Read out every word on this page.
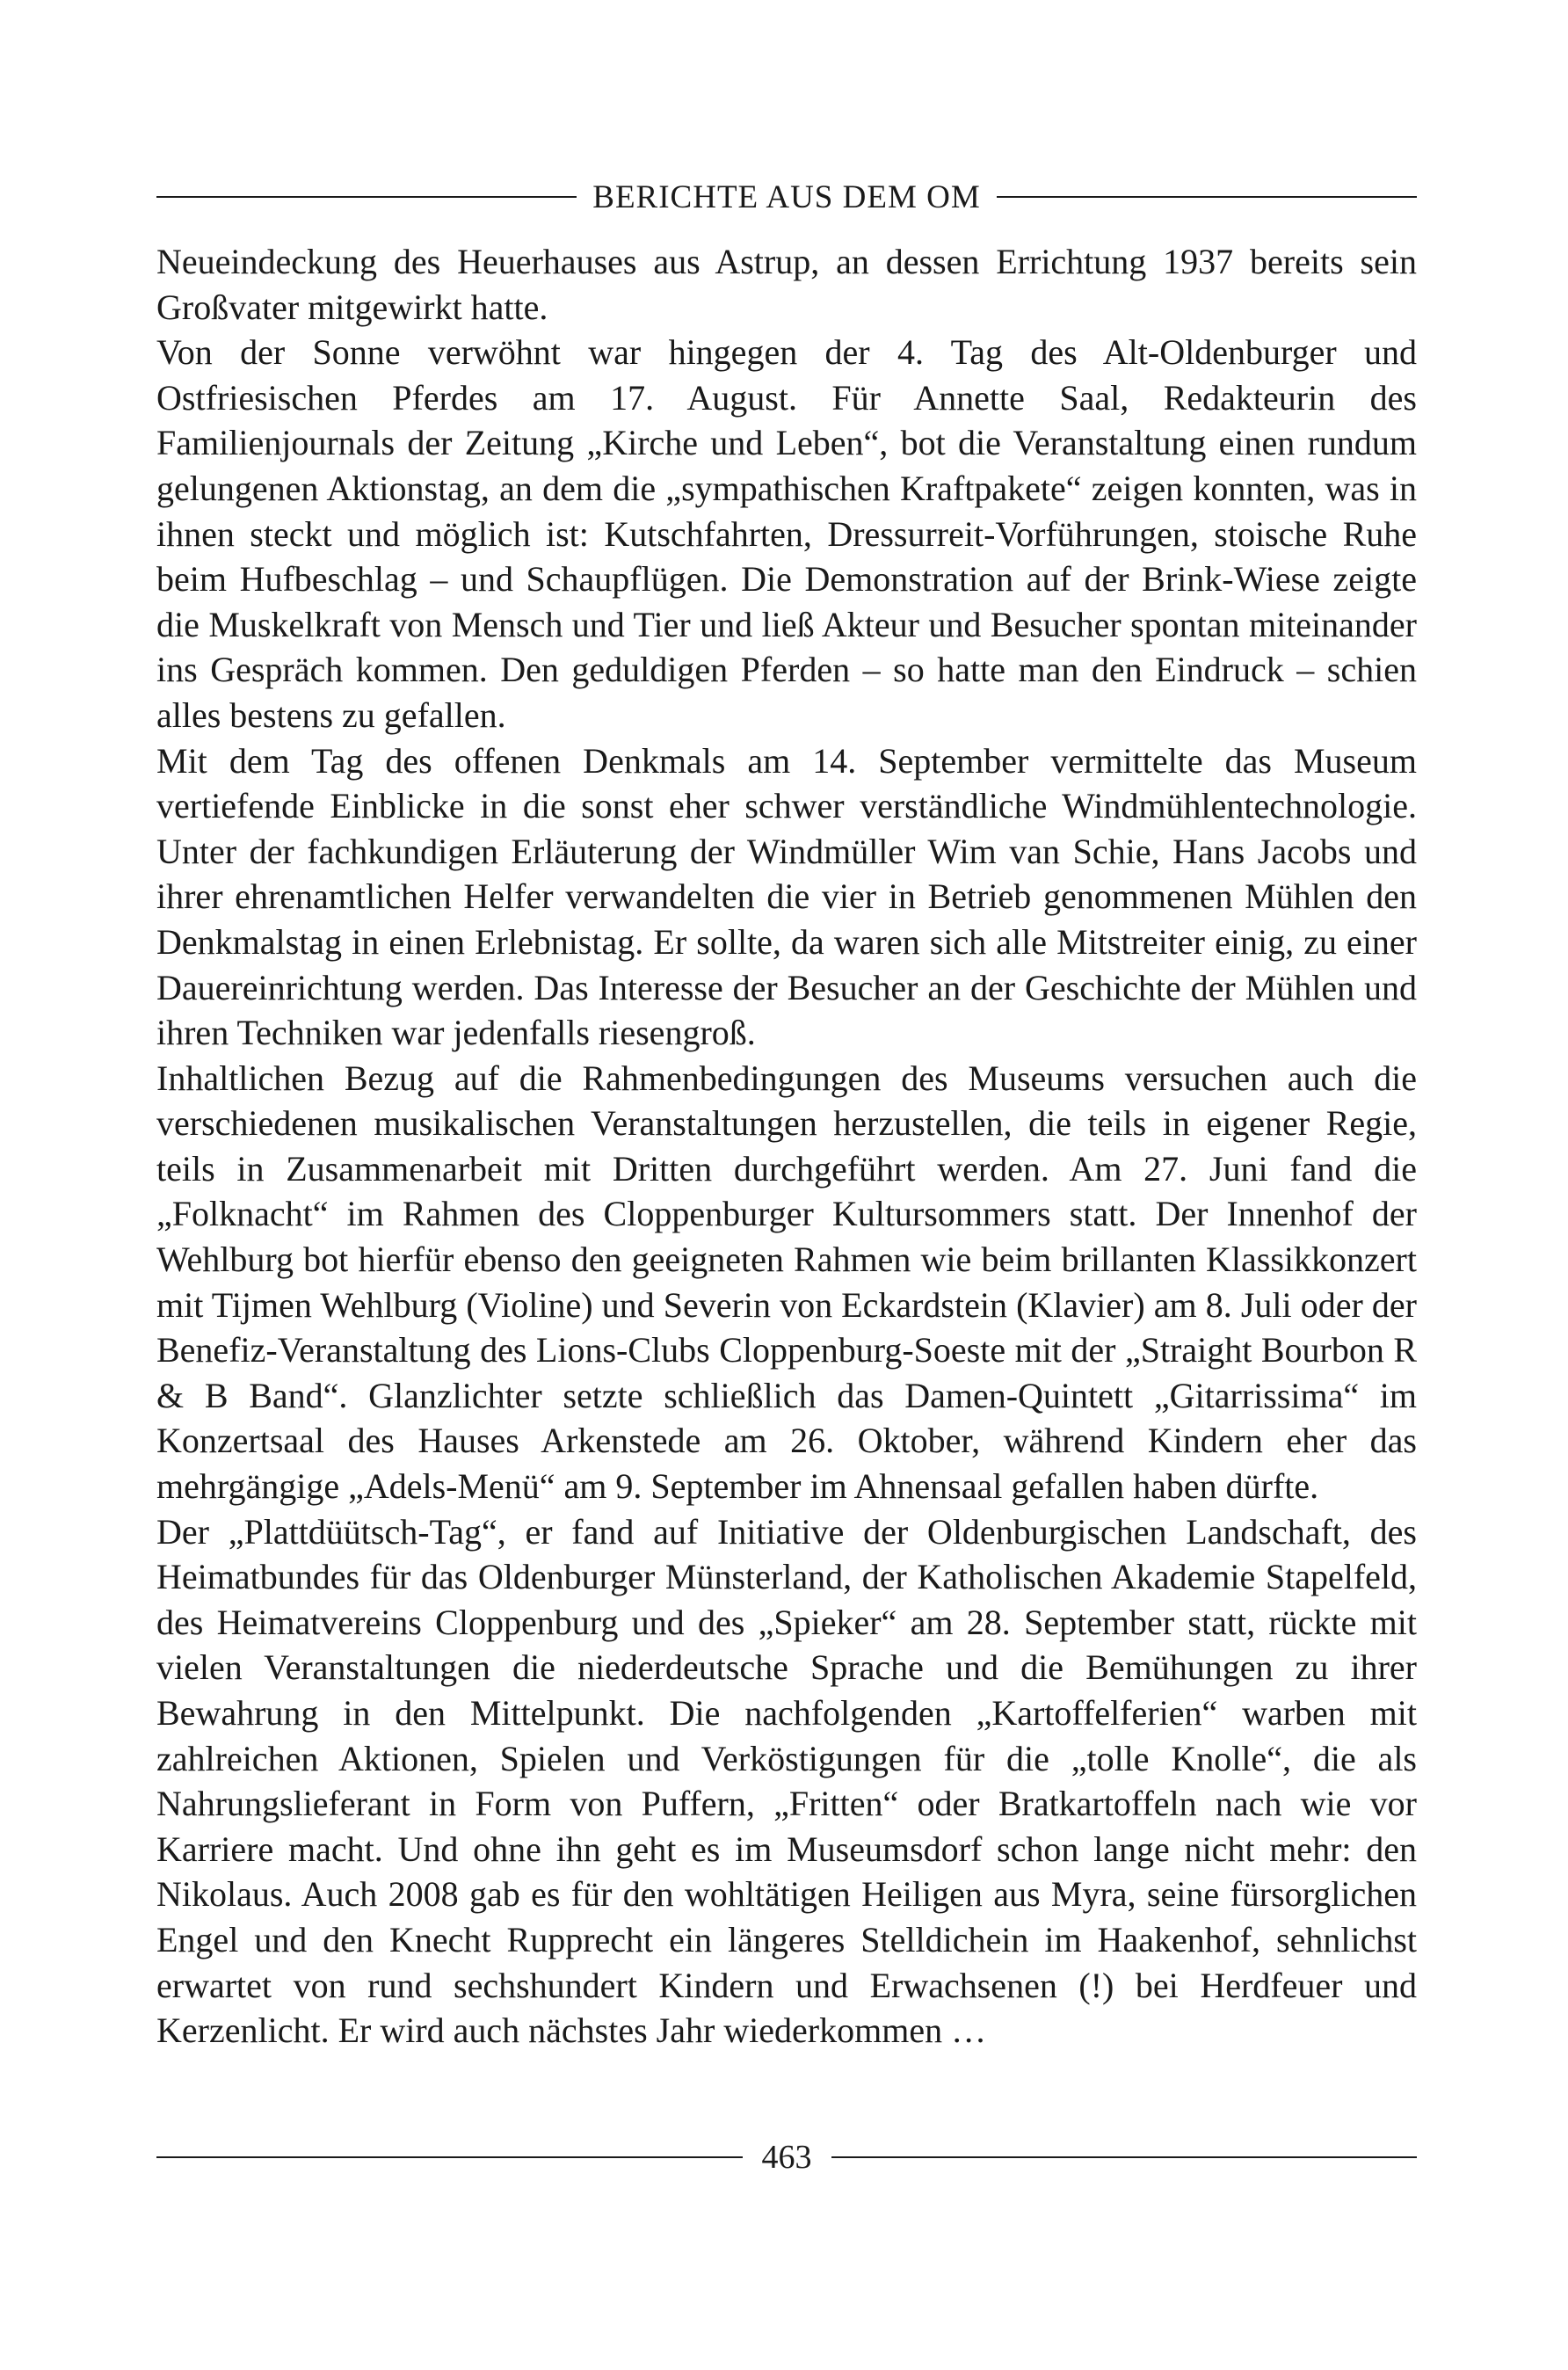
BERICHTE AUS DEM OM

Neueindeckung des Heuerhauses aus Astrup, an dessen Errichtung 1937 bereits sein Großvater mitgewirkt hatte.

Von der Sonne verwöhnt war hingegen der 4. Tag des Alt-Oldenburger und Ostfriesischen Pferdes am 17. August. Für Annette Saal, Redakteurin des Familienjournals der Zeitung „Kirche und Leben“, bot die Veranstaltung einen rundum gelungenen Aktionstag, an dem die „sympathischen Kraftpakete“ zeigen konnten, was in ihnen steckt und möglich ist: Kutschfahrten, Dressurreit-Vorführungen, stoische Ruhe beim Hufbeschlag – und Schaupflügen. Die Demonstration auf der Brink-Wiese zeigte die Muskelkraft von Mensch und Tier und ließ Akteur und Besucher spontan miteinander ins Gespräch kommen. Den geduldigen Pferden – so hatte man den Eindruck – schien alles bestens zu gefallen.

Mit dem Tag des offenen Denkmals am 14. September vermittelte das Museum vertiefende Einblicke in die sonst eher schwer verständliche Windmühlentechnologie. Unter der fachkundigen Erläuterung der Windmüller Wim van Schie, Hans Jacobs und ihrer ehrenamtlichen Helfer verwandelten die vier in Betrieb genommenen Mühlen den Denkmalstag in einen Erlebnistag. Er sollte, da waren sich alle Mitstreiter einig, zu einer Dauereinrichtung werden. Das Interesse der Besucher an der Geschichte der Mühlen und ihren Techniken war jedenfalls riesengroß.

Inhaltlichen Bezug auf die Rahmenbedingungen des Museums versuchen auch die verschiedenen musikalischen Veranstaltungen herzustellen, die teils in eigener Regie, teils in Zusammenarbeit mit Dritten durchgeführt werden. Am 27. Juni fand die „Folknacht“ im Rahmen des Cloppenburger Kultursommers statt. Der Innenhof der Wehlburg bot hierfür ebenso den geeigneten Rahmen wie beim brillanten Klassikkonzert mit Tijmen Wehlburg (Violine) und Severin von Eckardstein (Klavier) am 8. Juli oder der Benefiz-Veranstaltung des Lions-Clubs Cloppenburg-Soeste mit der „Straight Bourbon R & B Band“. Glanzlichter setzte schließlich das Damen-Quintett „Gitarrissima“ im Konzertsaal des Hauses Arkenstede am 26. Oktober, während Kindern eher das mehrgängige „Adels-Menü“ am 9. September im Ahnensaal gefallen haben dürfte.

Der „Plattdüütsch-Tag“, er fand auf Initiative der Oldenburgischen Landschaft, des Heimatbundes für das Oldenburger Münsterland, der Katholischen Akademie Stapelfeld, des Heimatvereins Cloppenburg und des „Spieker“ am 28. September statt, rückte mit vielen Veranstaltungen die niederdeutsche Sprache und die Bemühungen zu ihrer Bewahrung in den Mittelpunkt. Die nachfolgenden „Kartoffelferien“ warben mit zahlreichen Aktionen, Spielen und Verköstigungen für die „tolle Knolle“, die als Nahrungslieferant in Form von Puffern, „Fritten“ oder Bratkartoffeln nach wie vor Karriere macht. Und ohne ihn geht es im Museumsdorf schon lange nicht mehr: den Nikolaus. Auch 2008 gab es für den wohltätigen Heiligen aus Myra, seine fürsorglichen Engel und den Knecht Rupprecht ein längeres Stelldichein im Haakenhof, sehnlichst erwartet von rund sechshundert Kindern und Erwachsenen (!) bei Herdfeuer und Kerzenlicht. Er wird auch nächstes Jahr wiederkommen …

463
